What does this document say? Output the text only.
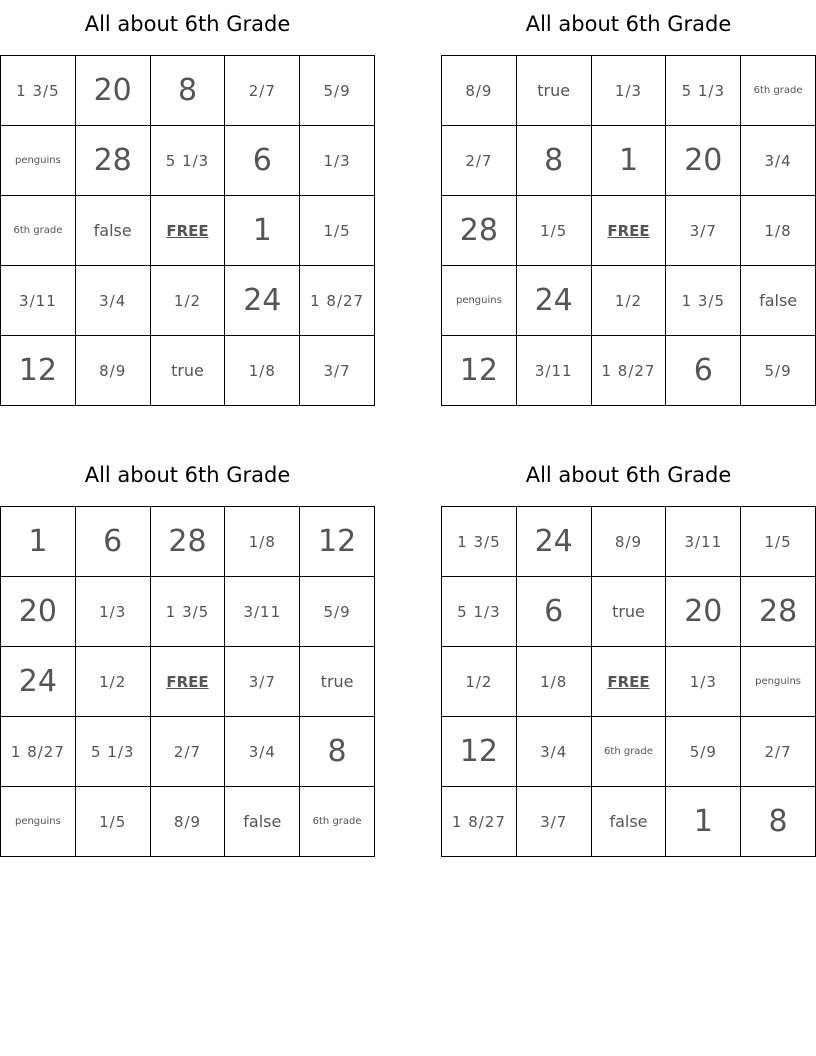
All about 6th Grade
1 3/5	20	8	2/7	5/9
penguins	28	5 1/3	6	1/3
6th grade	false	FREE	1	1/5
3/11	3/4	1/2	24	1 8/27
12	8/9	true	1/8	3/7
All about 6th Grade
8/9	true	1/3	5 1/3	6th grade
2/7	8	1	20	3/4
28	1/5	FREE	3/7	1/8
penguins	24	1/2	1 3/5	false
12	3/11	1 8/27	6	5/9
All about 6th Grade
1	6	28	1/8	12
20	1/3	1 3/5	3/11	5/9
24	1/2	FREE	3/7	true
1 8/27	5 1/3	2/7	3/4	8
penguins	1/5	8/9	false	6th grade
All about 6th Grade
1 3/5	24	8/9	3/11	1/5
5 1/3	6	true	20	28
1/2	1/8	FREE	1/3	penguins
12	3/4	6th grade	5/9	2/7
1 8/27	3/7	false	1	8
